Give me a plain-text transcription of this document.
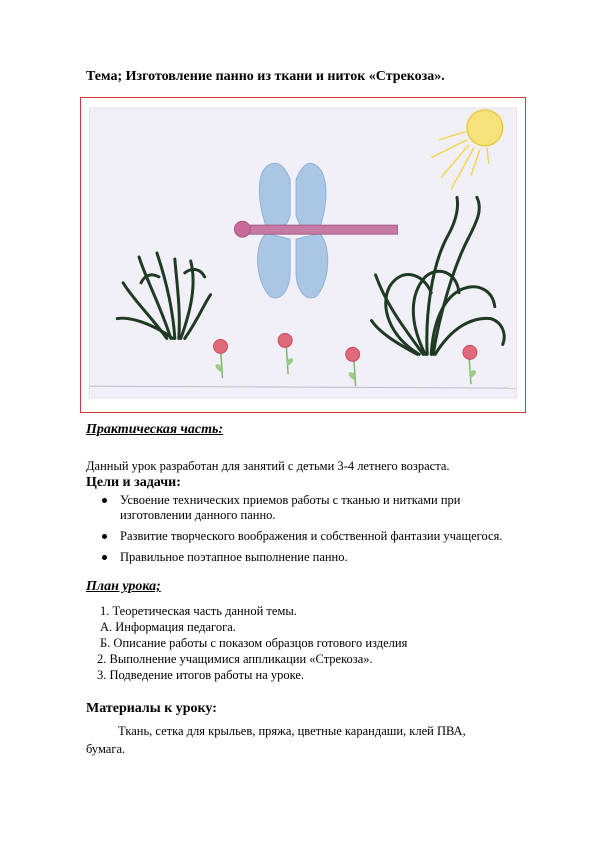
Тема; Изготовление панно из ткани и ниток «Стрекоза».
Практическая часть:
Данный урок разработан для занятий с детьми 3-4 летнего возраста.
Цели и задачи:
Усвоение технических приемов работы с тканью и нитками при
изготовлении данного панно.
Развитие творческого воображения и собственной фантазии учащегося.
Правильное поэтапное выполнение панно.
План урока;
1. Теоретическая часть данной темы.
А. Информация педагога.
Б. Описание работы с показом образцов готового изделия
2. Выполнение учащимися аппликации «Стрекоза».
3. Подведение итогов работы на уроке.
Материалы к уроку:
Ткань, сетка для крыльев, пряжа, цветные карандаши, клей ПВА,
бумага.
